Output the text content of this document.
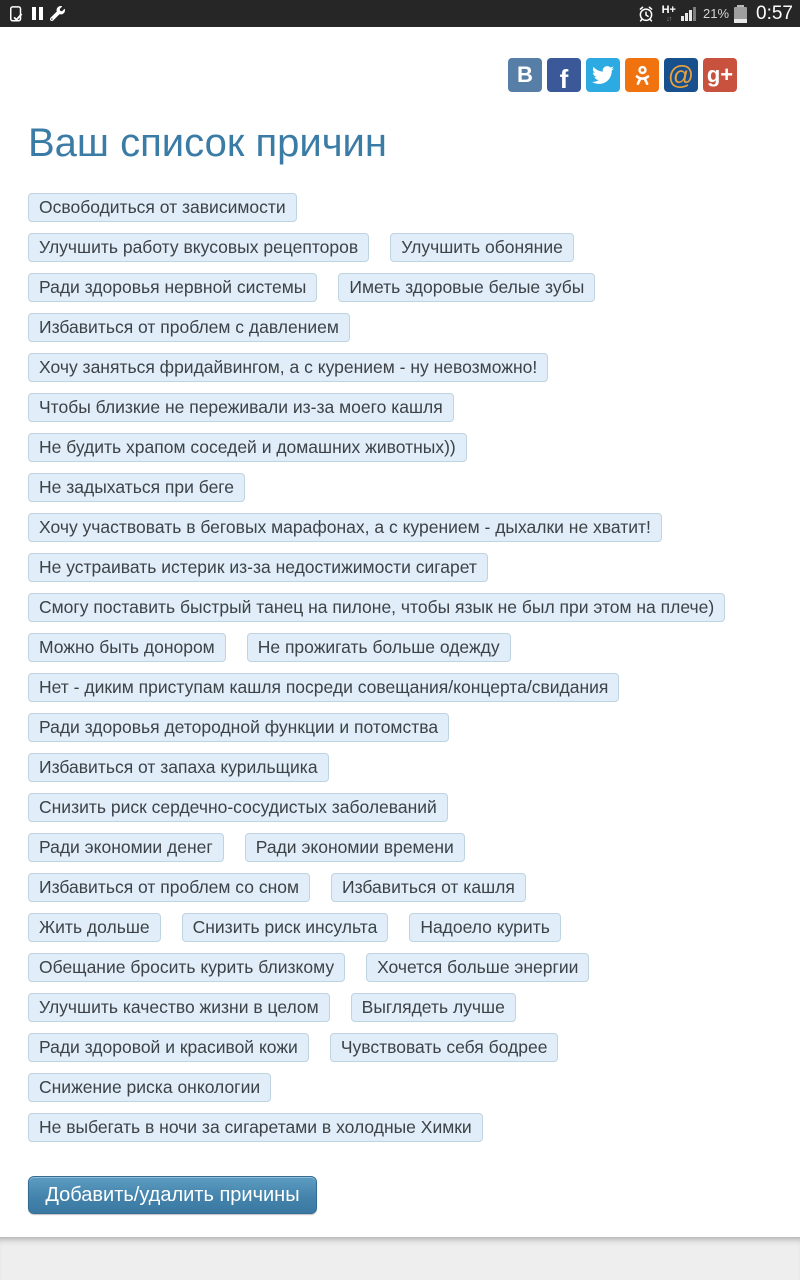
H+
↓↑ 21% 0:57
В	f	@ g+
Ваш список причин
Освободиться от зависимости
Улучшить работу вкусовых рецепторов Улучшить обоняние
Ради здоровья нервной системы Иметь здоровые белые зубы
Избавиться от проблем с давлением
Хочу заняться фридайвингом, а с курением - ну невозможно!
Чтобы близкие не переживали из-за моего кашля
Не будить храпом соседей и домашних животных))
Не задыхаться при беге
Хочу участвовать в беговых марафонах, а с курением - дыхалки не хватит!
Не устраивать истерик из-за недостижимости сигарет
Смогу поставить быстрый танец на пилоне, чтобы язык не был при этом на плече)
Можно быть донором Не прожигать больше одежду
Нет - диким приступам кашля посреди совещания/концерта/свидания
Ради здоровья детородной функции и потомства
Избавиться от запаха курильщика
Снизить риск сердечно-сосудистых заболеваний
Ради экономии денег Ради экономии времени
Избавиться от проблем со сном Избавиться от кашля
Жить дольше Снизить риск инсульта Надоело курить
Обещание бросить курить близкому Хочется больше энергии
Улучшить качество жизни в целом Выглядеть лучше
Ради здоровой и красивой кожи Чувствовать себя бодрее
Снижение риска онкологии
Не выбегать в ночи за сигаретами в холодные Химки
Добавить/удалить причины
